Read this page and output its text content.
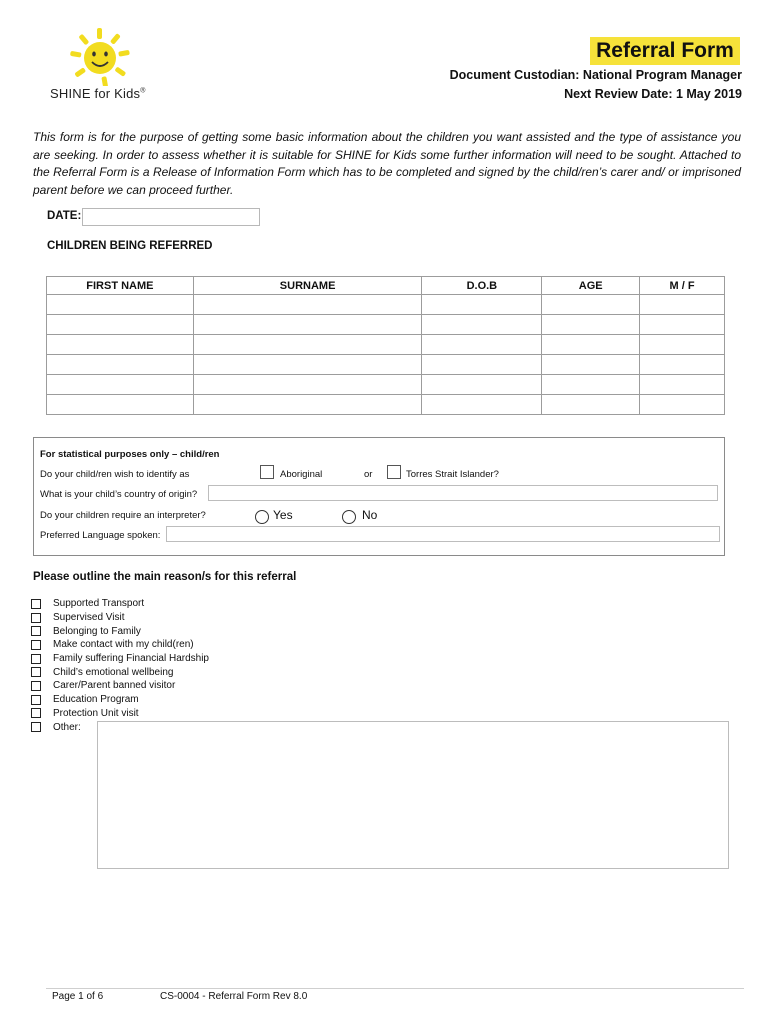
SHINE for Kids®
Referral Form
Document Custodian: National Program Manager
Next Review Date: 1 May 2019
This form is for the purpose of getting some basic information about the children you want assisted and the type of assistance you are seeking. In order to assess whether it is suitable for SHINE for Kids some further information will need to be sought. Attached to the Referral Form is a Release of Information Form which has to be completed and signed by the child/ren’s carer and/ or imprisoned parent before we can proceed further.
DATE:
CHILDREN BEING REFERRED
FIRST NAME	SURNAME	D.O.B	AGE	M / F

For statistical purposes only – child/ren
Do your child/ren wish to identify as	Aboriginal	or	Torres Strait Islander?
What is your child’s country of origin?
Do your children require an interpreter?	Yes	No
Preferred Language spoken:
Please outline the main reason/s for this referral
Supported Transport
Supervised Visit
Belonging to Family
Make contact with my child(ren)
Family suffering Financial Hardship
Child’s emotional wellbeing
Carer/Parent banned visitor
Education Program
Protection Unit visit
Other:
Page 1 of 6	CS-0004 - Referral Form Rev 8.0
